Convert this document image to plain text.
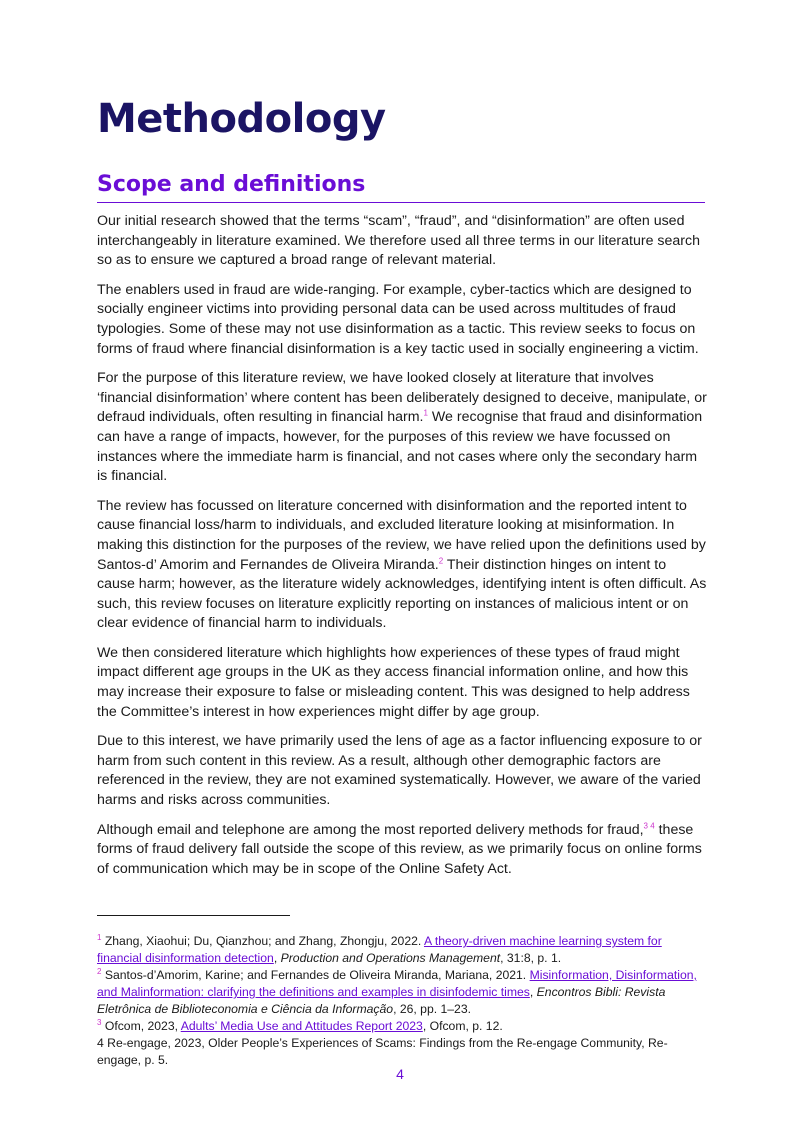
Methodology
Scope and definitions

Our initial research showed that the terms “scam”, “fraud”, and “disinformation” are often used interchangeably in literature examined. We therefore used all three terms in our literature search so as to ensure we captured a broad range of relevant material.

The enablers used in fraud are wide-ranging. For example, cyber-tactics which are designed to socially engineer victims into providing personal data can be used across multitudes of fraud typologies. Some of these may not use disinformation as a tactic. This review seeks to focus on forms of fraud where financial disinformation is a key tactic used in socially engineering a victim.

For the purpose of this literature review, we have looked closely at literature that involves ‘financial disinformation’ where content has been deliberately designed to deceive, manipulate, or defraud individuals, often resulting in financial harm.$^1$ We recognise that fraud and disinformation can have a range of impacts, however, for the purposes of this review we have focussed on instances where the immediate harm is financial, and not cases where only the secondary harm is financial.

The review has focussed on literature concerned with disinformation and the reported intent to cause financial loss/harm to individuals, and excluded literature looking at misinformation. In making this distinction for the purposes of the review, we have relied upon the definitions used by Santos-d’ Amorim and Fernandes de Oliveira Miranda.$^2$ Their distinction hinges on intent to cause harm; however, as the literature widely acknowledges, identifying intent is often difficult. As such, this review focuses on literature explicitly reporting on instances of malicious intent or on clear evidence of financial harm to individuals.

We then considered literature which highlights how experiences of these types of fraud might impact different age groups in the UK as they access financial information online, and how this may increase their exposure to false or misleading content. This was designed to help address the Committee’s interest in how experiences might differ by age group.

Due to this interest, we have primarily used the lens of age as a factor influencing exposure to or harm from such content in this review. As a result, although other demographic factors are referenced in the review, they are not examined systematically. However, we aware of the varied harms and risks across communities.

Although email and telephone are among the most reported delivery methods for fraud,$^{3 4}$ these forms of fraud delivery fall outside the scope of this review, as we primarily focus on online forms of communication which may be in scope of the Online Safety Act.

$^1$ Zhang, Xiaohui; Du, Qianzhou; and Zhang, Zhongju, 2022. A theory-driven machine learning system for financial disinformation detection, Production and Operations Management, 31:8, p. 1.

$^2$ Santos-d’Amorim, Karine; and Fernandes de Oliveira Miranda, Mariana, 2021. Misinformation, Disinformation, and Malinformation: clarifying the definitions and examples in disinfodemic times, Encontros Bibli: Revista Eletrônica de Biblioteconomia e Ciência da Informação, 26, pp. 1–23.

$^3$ Ofcom, 2023, Adults’ Media Use and Attitudes Report 2023, Ofcom, p. 12.

4 Re-engage, 2023, Older People’s Experiences of Scams: Findings from the Re-engage Community, Re-engage, p. 5.

4
